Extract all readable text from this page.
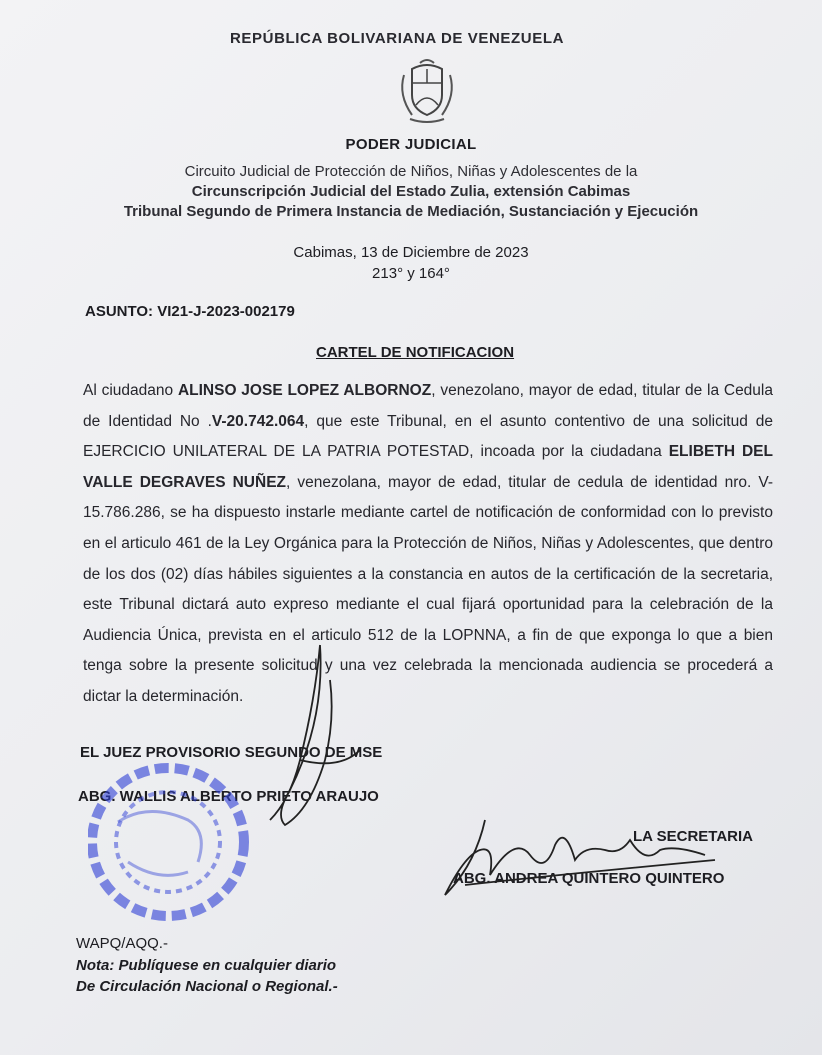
REPÚBLICA BOLIVARIANA DE VENEZUELA
PODER JUDICIAL
Circuito Judicial de Protección de Niños, Niñas y Adolescentes de la
Circunscripción Judicial del Estado Zulia, extensión Cabimas
Tribunal Segundo de Primera Instancia de Mediación, Sustanciación y Ejecución
Cabimas, 13 de Diciembre de 2023
213° y 164°
ASUNTO: VI21-J-2023-002179
CARTEL DE NOTIFICACION
Al ciudadano ALINSO JOSE LOPEZ ALBORNOZ, venezolano, mayor de edad, titular de la Cedula de Identidad No .V-20.742.064, que este Tribunal, en el asunto contentivo de una solicitud de EJERCICIO UNILATERAL DE LA PATRIA POTESTAD, incoada por la ciudadana ELIBETH DEL VALLE DEGRAVES NUÑEZ, venezolana, mayor de edad, titular de cedula de identidad nro. V- 15.786.286, se ha dispuesto instarle mediante cartel de notificación de conformidad con lo previsto en el articulo 461 de la Ley Orgánica para la Protección de Niños, Niñas y Adolescentes, que dentro de los dos (02) días hábiles siguientes a la constancia en autos de la certificación de la secretaria, este Tribunal dictará auto expreso mediante el cual fijará oportunidad para la celebración de la Audiencia Única, prevista en el articulo 512 de la LOPNNA, a fin de que exponga lo que a bien tenga sobre la presente solicitud y una vez celebrada la mencionada audiencia se procederá a dictar la determinación.
EL JUEZ PROVISORIO SEGUNDO DE MSE
ABG. WALLIS ALBERTO PRIETO ARAUJO
LA SECRETARIA
ABG. ANDREA QUINTERO QUINTERO
WAPQ/AQQ.-
Nota: Publíquese en cualquier diario
De Circulación Nacional o Regional.-
